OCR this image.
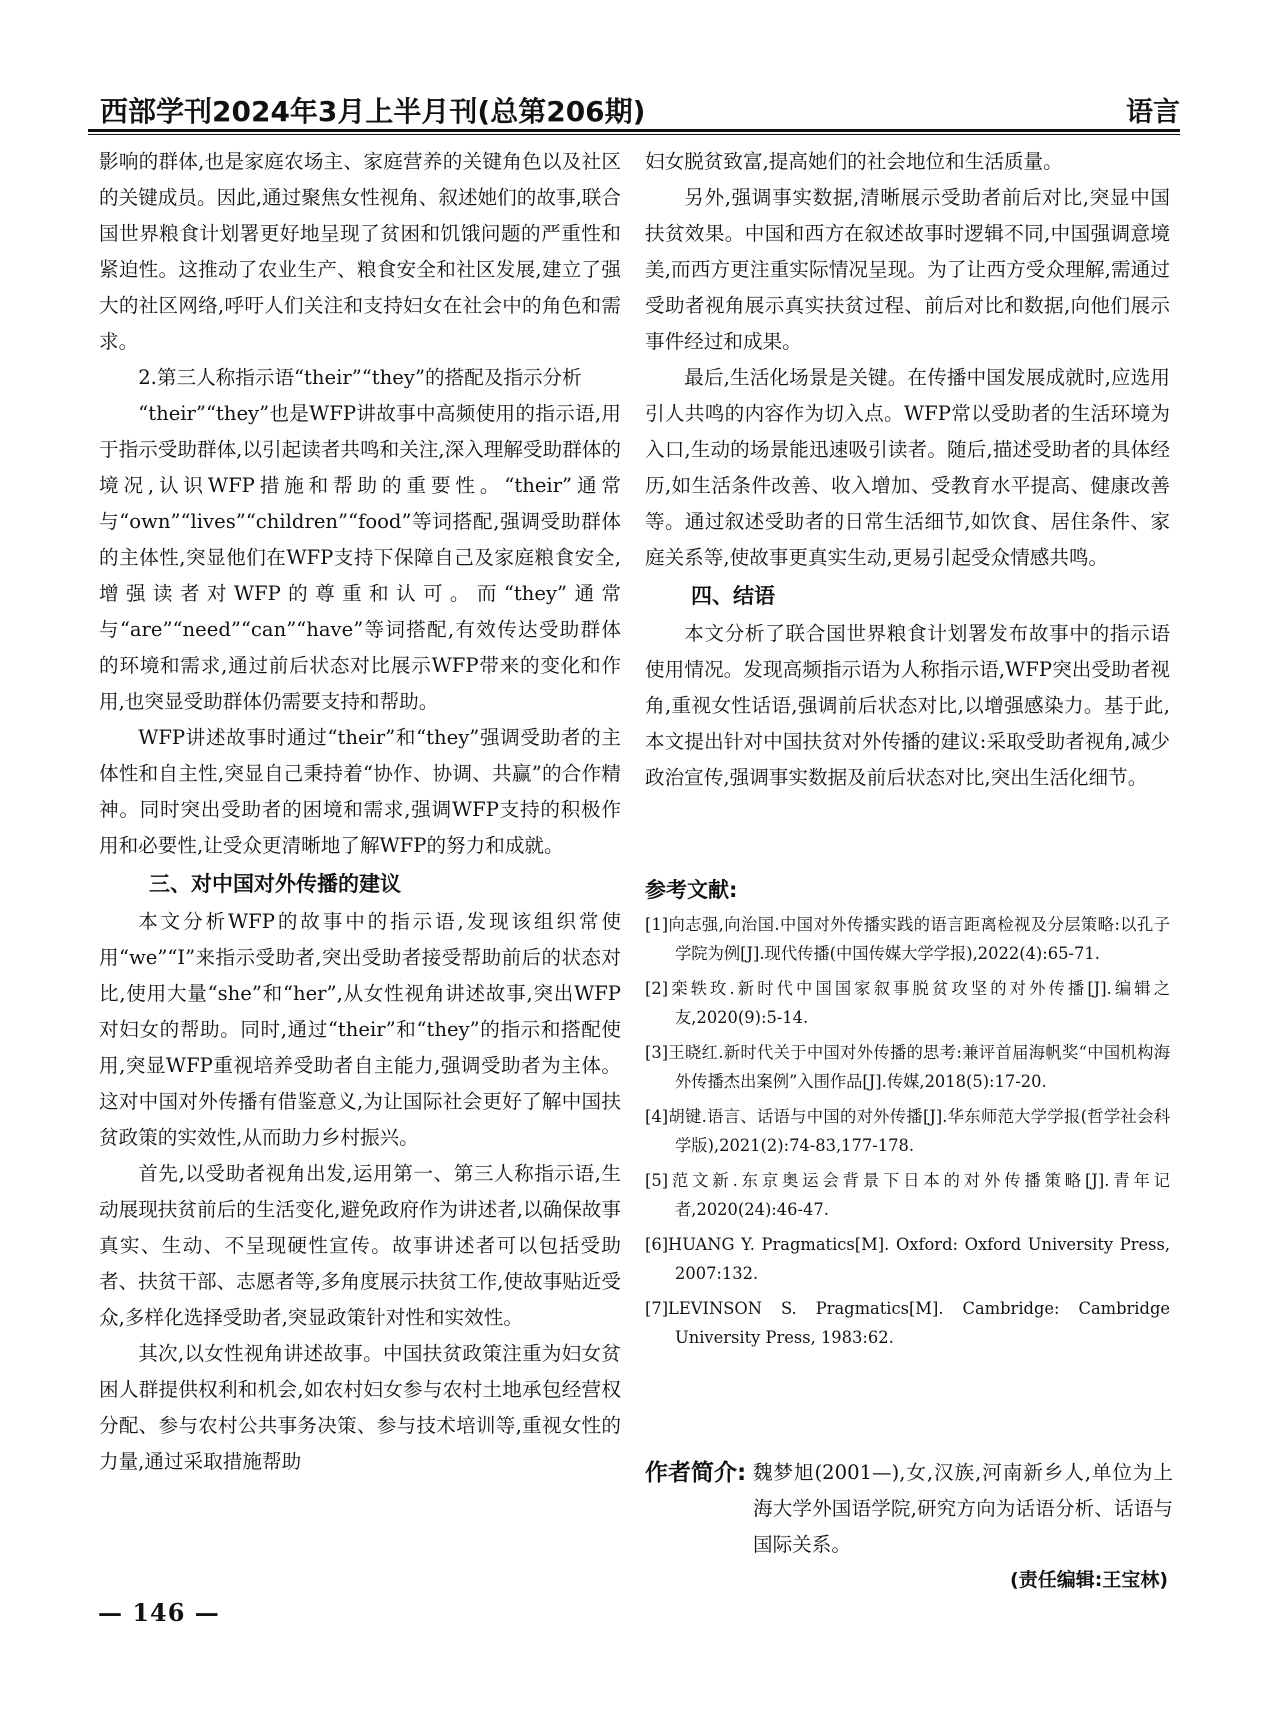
西部学刊2024年3月上半月刊(总第206期)	语言

影响的群体,也是家庭农场主、家庭营养的关键角色以及社区的关键成员。因此,通过聚焦女性视角、叙述她们的故事,联合国世界粮食计划署更好地呈现了贫困和饥饿问题的严重性和紧迫性。这推动了农业生产、粮食安全和社区发展,建立了强大的社区网络,呼吁人们关注和支持妇女在社会中的角色和需求。

2.第三人称指示语“their”“they”的搭配及指示分析

“their”“they”也是WFP讲故事中高频使用的指示语,用于指示受助群体,以引起读者共鸣和关注,深入理解受助群体的境况,认识WFP措施和帮助的重要性。“their”通常与“own”“lives”“children”“food”等词搭配,强调受助群体的主体性,突显他们在WFP支持下保障自己及家庭粮食安全,增强读者对WFP的尊重和认可。而“they”通常与“are”“need”“can”“have”等词搭配,有效传达受助群体的环境和需求,通过前后状态对比展示WFP带来的变化和作用,也突显受助群体仍需要支持和帮助。

WFP讲述故事时通过“their”和“they”强调受助者的主体性和自主性,突显自己秉持着“协作、协调、共赢”的合作精神。同时突出受助者的困境和需求,强调WFP支持的积极作用和必要性,让受众更清晰地了解WFP的努力和成就。

三、对中国对外传播的建议

本文分析WFP的故事中的指示语,发现该组织常使用“we”“I”来指示受助者,突出受助者接受帮助前后的状态对比,使用大量“she”和“her”,从女性视角讲述故事,突出WFP对妇女的帮助。同时,通过“their”和“they”的指示和搭配使用,突显WFP重视培养受助者自主能力,强调受助者为主体。这对中国对外传播有借鉴意义,为让国际社会更好了解中国扶贫政策的实效性,从而助力乡村振兴。

首先,以受助者视角出发,运用第一、第三人称指示语,生动展现扶贫前后的生活变化,避免政府作为讲述者,以确保故事真实、生动、不呈现硬性宣传。故事讲述者可以包括受助者、扶贫干部、志愿者等,多角度展示扶贫工作,使故事贴近受众,多样化选择受助者,突显政策针对性和实效性。

其次,以女性视角讲述故事。中国扶贫政策注重为妇女贫困人群提供权利和机会,如农村妇女参与农村土地承包经营权分配、参与农村公共事务决策、参与技术培训等,重视女性的力量,通过采取措施帮助

妇女脱贫致富,提高她们的社会地位和生活质量。

另外,强调事实数据,清晰展示受助者前后对比,突显中国扶贫效果。中国和西方在叙述故事时逻辑不同,中国强调意境美,而西方更注重实际情况呈现。为了让西方受众理解,需通过受助者视角展示真实扶贫过程、前后对比和数据,向他们展示事件经过和成果。

最后,生活化场景是关键。在传播中国发展成就时,应选用引人共鸣的内容作为切入点。WFP常以受助者的生活环境为入口,生动的场景能迅速吸引读者。随后,描述受助者的具体经历,如生活条件改善、收入增加、受教育水平提高、健康改善等。通过叙述受助者的日常生活细节,如饮食、居住条件、家庭关系等,使故事更真实生动,更易引起受众情感共鸣。

四、结语

本文分析了联合国世界粮食计划署发布故事中的指示语使用情况。发现高频指示语为人称指示语,WFP突出受助者视角,重视女性话语,强调前后状态对比,以增强感染力。基于此,本文提出针对中国扶贫对外传播的建议:采取受助者视角,减少政治宣传,强调事实数据及前后状态对比,突出生活化细节。

参考文献:
[1]向志强,向治国.中国对外传播实践的语言距离检视及分层策略:以孔子学院为例[J].现代传播(中国传媒大学学报),2022(4):65-71.
[2]栾轶玫.新时代中国国家叙事脱贫攻坚的对外传播[J].编辑之友,2020(9):5-14.
[3]王晓红.新时代关于中国对外传播的思考:兼评首届海帆奖“中国机构海外传播杰出案例”入围作品[J].传媒,2018(5):17-20.
[4]胡键.语言、话语与中国的对外传播[J].华东师范大学学报(哲学社会科学版),2021(2):74-83,177-178.
[5]范文新.东京奥运会背景下日本的对外传播策略[J].青年记者,2020(24):46-47.
[6]HUANG Y. Pragmatics[M]. Oxford: Oxford University Press, 2007:132.
[7]LEVINSON S. Pragmatics[M]. Cambridge: Cambridge University Press, 1983:62.
作者简介: 魏梦旭(2001—),女,汉族,河南新乡人,单位为上海大学外国语学院,研究方向为话语分析、话语与国际关系。
(责任编辑:王宝林)
— 146 —
